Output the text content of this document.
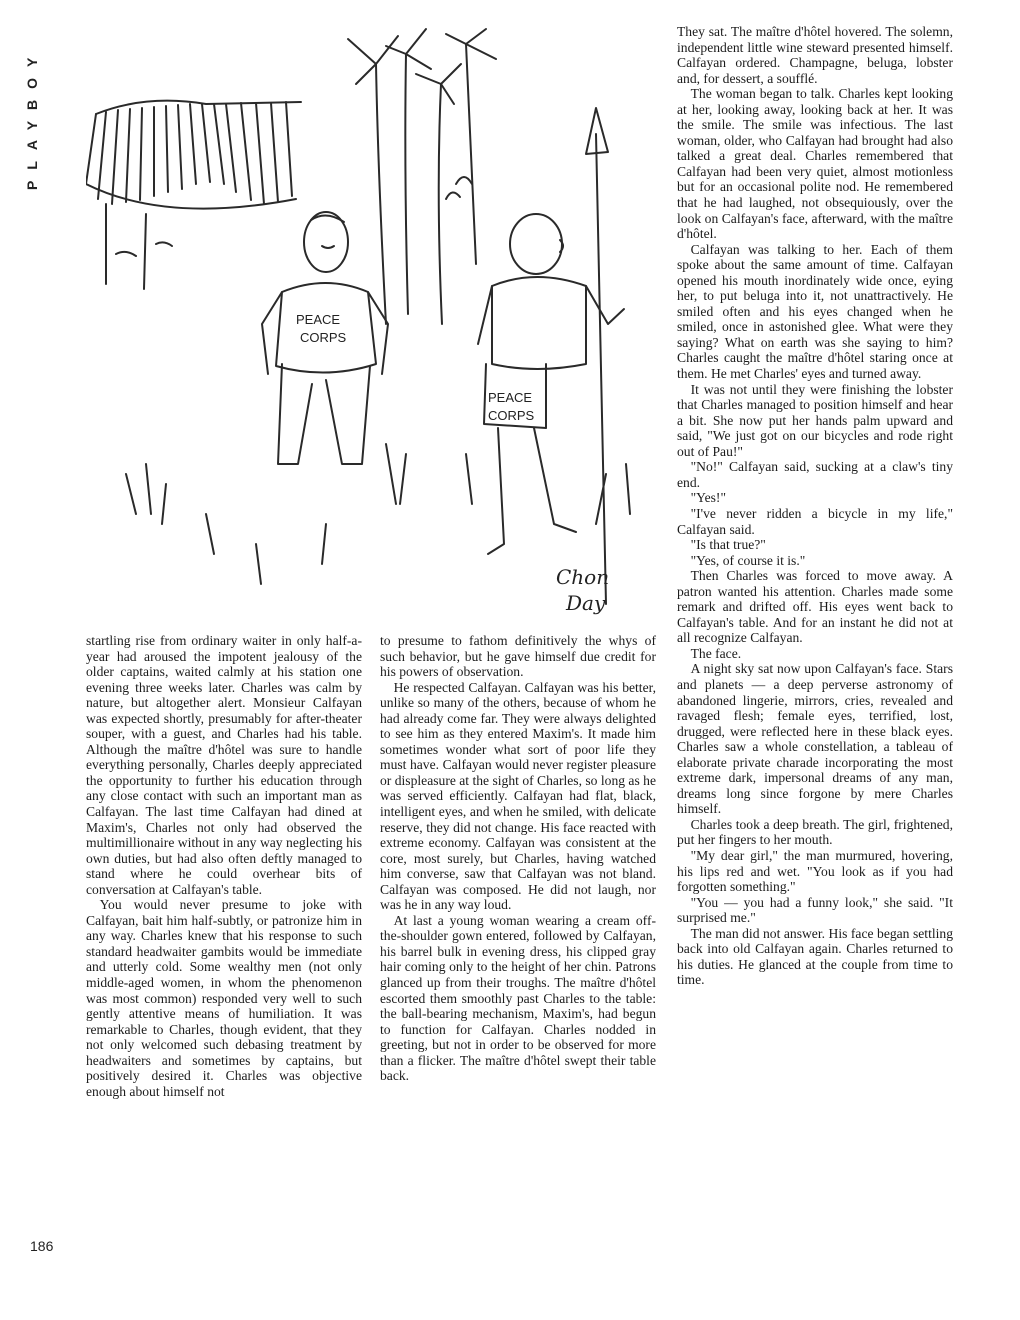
PLAYBOY
PEACE
CORPS
PEACE
CORPS
Chon
Day

startling rise from ordinary waiter in only half-a-year had aroused the impotent jealousy of the older captains, waited calmly at his station one evening three weeks later. Charles was calm by nature, but altogether alert. Monsieur Calfayan was expected shortly, presumably for after-theater souper, with a guest, and Charles had his table. Although the maître d'hôtel was sure to handle everything personally, Charles deeply appreciated the opportunity to further his education through any close contact with such an important man as Calfayan. The last time Calfayan had dined at Maxim's, Charles not only had observed the multimillionaire without in any way neglecting his own duties, but had also often deftly managed to stand where he could overhear bits of conversation at Calfayan's table.

You would never presume to joke with Calfayan, bait him half-subtly, or patronize him in any way. Charles knew that his response to such standard headwaiter gambits would be immediate and utterly cold. Some wealthy men (not only middle-aged women, in whom the phenomenon was most common) responded very well to such gently attentive means of humiliation. It was remarkable to Charles, though evident, that they not only welcomed such debasing treatment by headwaiters and sometimes by captains, but positively desired it. Charles was objective enough about himself not

to presume to fathom definitively the whys of such behavior, but he gave himself due credit for his powers of observation.

He respected Calfayan. Calfayan was his better, unlike so many of the others, because of whom he had already come far. They were always delighted to see him as they entered Maxim's. It made him sometimes wonder what sort of poor life they must have. Calfayan would never register pleasure or displeasure at the sight of Charles, so long as he was served efficiently. Calfayan had flat, black, intelligent eyes, and when he smiled, with delicate reserve, they did not change. His face reacted with extreme economy. Calfayan was consistent at the core, most surely, but Charles, having watched him converse, saw that Calfayan was not bland. Calfayan was composed. He did not laugh, nor was he in any way loud.

At last a young woman wearing a cream off-the-shoulder gown entered, followed by Calfayan, his barrel bulk in evening dress, his clipped gray hair coming only to the height of her chin. Patrons glanced up from their troughs. The maître d'hôtel escorted them smoothly past Charles to the table: the ball-bearing mechanism, Maxim's, had begun to function for Calfayan. Charles nodded in greeting, but not in order to be observed for more than a flicker. The maître d'hôtel swept their table back.

They sat. The maître d'hôtel hovered. The solemn, independent little wine steward presented himself. Calfayan ordered. Champagne, beluga, lobster and, for dessert, a soufflé.

The woman began to talk. Charles kept looking at her, looking away, looking back at her. It was the smile. The smile was infectious. The last woman, older, who Calfayan had brought had also talked a great deal. Charles remembered that Calfayan had been very quiet, almost motionless but for an occasional polite nod. He remembered that he had laughed, not obsequiously, over the look on Calfayan's face, afterward, with the maître d'hôtel.

Calfayan was talking to her. Each of them spoke about the same amount of time. Calfayan opened his mouth inordinately wide once, eying her, to put beluga into it, not unattractively. He smiled often and his eyes changed when he smiled, once in astonished glee. What were they saying? What on earth was she saying to him? Charles caught the maître d'hôtel staring once at them. He met Charles' eyes and turned away.

It was not until they were finishing the lobster that Charles managed to position himself and hear a bit. She now put her hands palm upward and said, "We just got on our bicycles and rode right out of Pau!"

"No!" Calfayan said, sucking at a claw's tiny end.

"Yes!"

"I've never ridden a bicycle in my life," Calfayan said.

"Is that true?"

"Yes, of course it is."

Then Charles was forced to move away. A patron wanted his attention. Charles made some remark and drifted off. His eyes went back to Calfayan's table. And for an instant he did not at all recognize Calfayan.

The face.

A night sky sat now upon Calfayan's face. Stars and planets — a deep perverse astronomy of abandoned lingerie, mirrors, cries, revealed and ravaged flesh; female eyes, terrified, lost, drugged, were reflected here in these black eyes. Charles saw a whole constellation, a tableau of elaborate private charade incorporating the most extreme dark, impersonal dreams of any man, dreams long since forgone by mere Charles himself.

Charles took a deep breath. The girl, frightened, put her fingers to her mouth.

"My dear girl," the man murmured, hovering, his lips red and wet. "You look as if you had forgotten something."

"You — you had a funny look," she said. "It surprised me."

The man did not answer. His face began settling back into old Calfayan again. Charles returned to his duties. He glanced at the couple from time to time.

186
